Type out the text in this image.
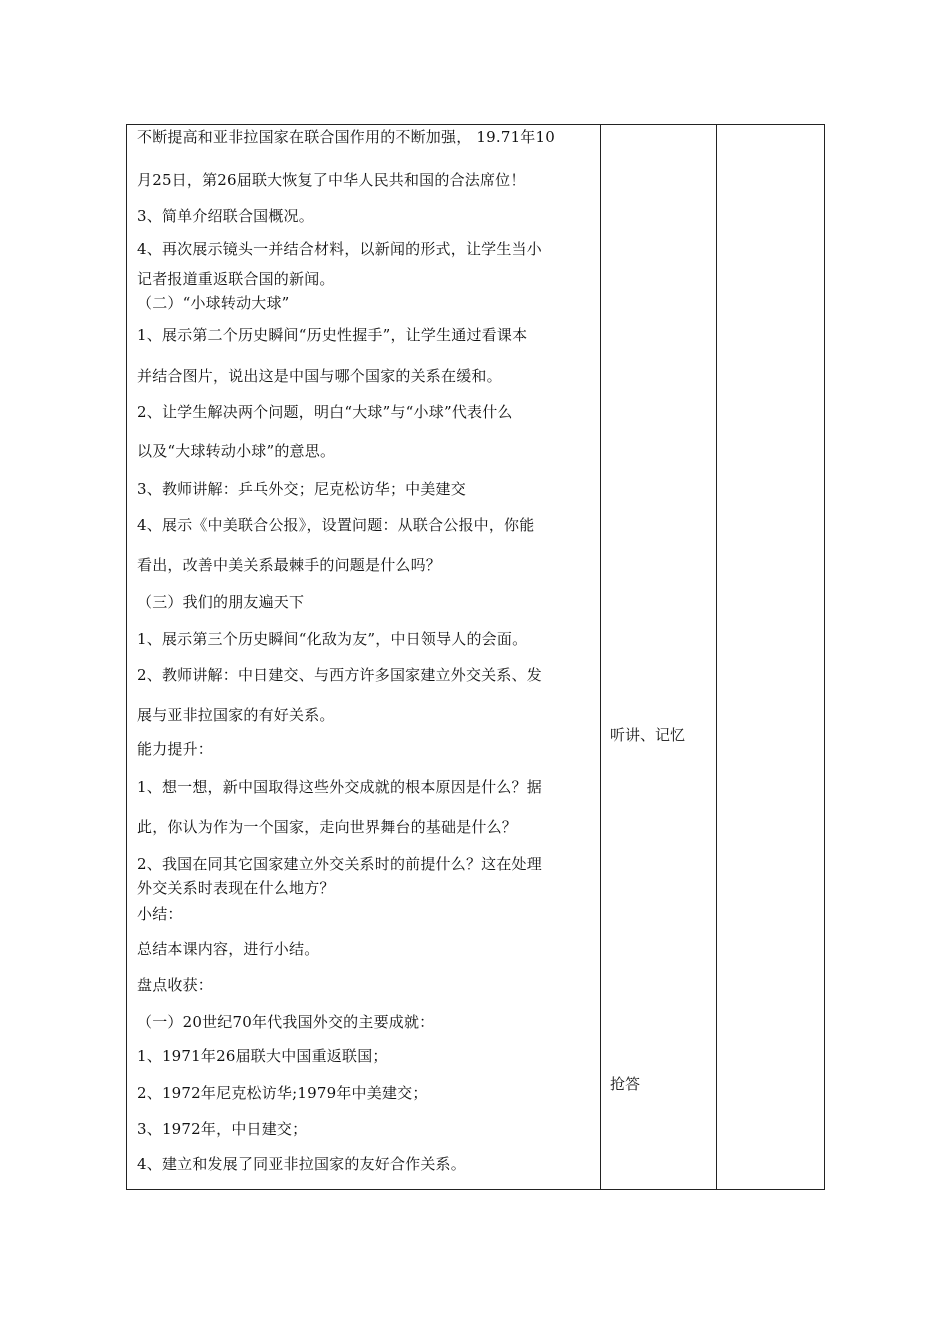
不断提高和亚非拉国家在联合国作用的不断加强， 19.71年10
月25日，第26届联大恢复了中华人民共和国的合法席位！
3、简单介绍联合国概况。
4、再次展示镜头一并结合材料，以新闻的形式，让学生当小
记者报道重返联合国的新闻。
（二）“小球转动大球”
1、展示第二个历史瞬间“历史性握手”，让学生通过看课本
并结合图片，说出这是中国与哪个国家的关系在缓和。
2、让学生解决两个问题，明白“大球”与“小球”代表什么
以及“大球转动小球”的意思。
3、教师讲解：乒乓外交；尼克松访华；中美建交
4、展示《中美联合公报》，设置问题：从联合公报中，你能
看出，改善中美关系最棘手的问题是什么吗？
（三）我们的朋友遍天下
1、展示第三个历史瞬间“化敌为友”，中日领导人的会面。
2、教师讲解：中日建交、与西方许多国家建立外交关系、发
展与亚非拉国家的有好关系。
能力提升：
1、想一想，新中国取得这些外交成就的根本原因是什么？据
此，你认为作为一个国家，走向世界舞台的基础是什么？
2、我国在同其它国家建立外交关系时的前提什么？这在处理
外交关系时表现在什么地方？
小结：
总结本课内容，进行小结。
盘点收获：
（一）20世纪70年代我国外交的主要成就：
1、1971年26届联大中国重返联国；
2、1972年尼克松访华;1979年中美建交；
3、1972年，中日建交；
4、建立和发展了同亚非拉国家的友好合作关系。
听讲、记忆
抢答
